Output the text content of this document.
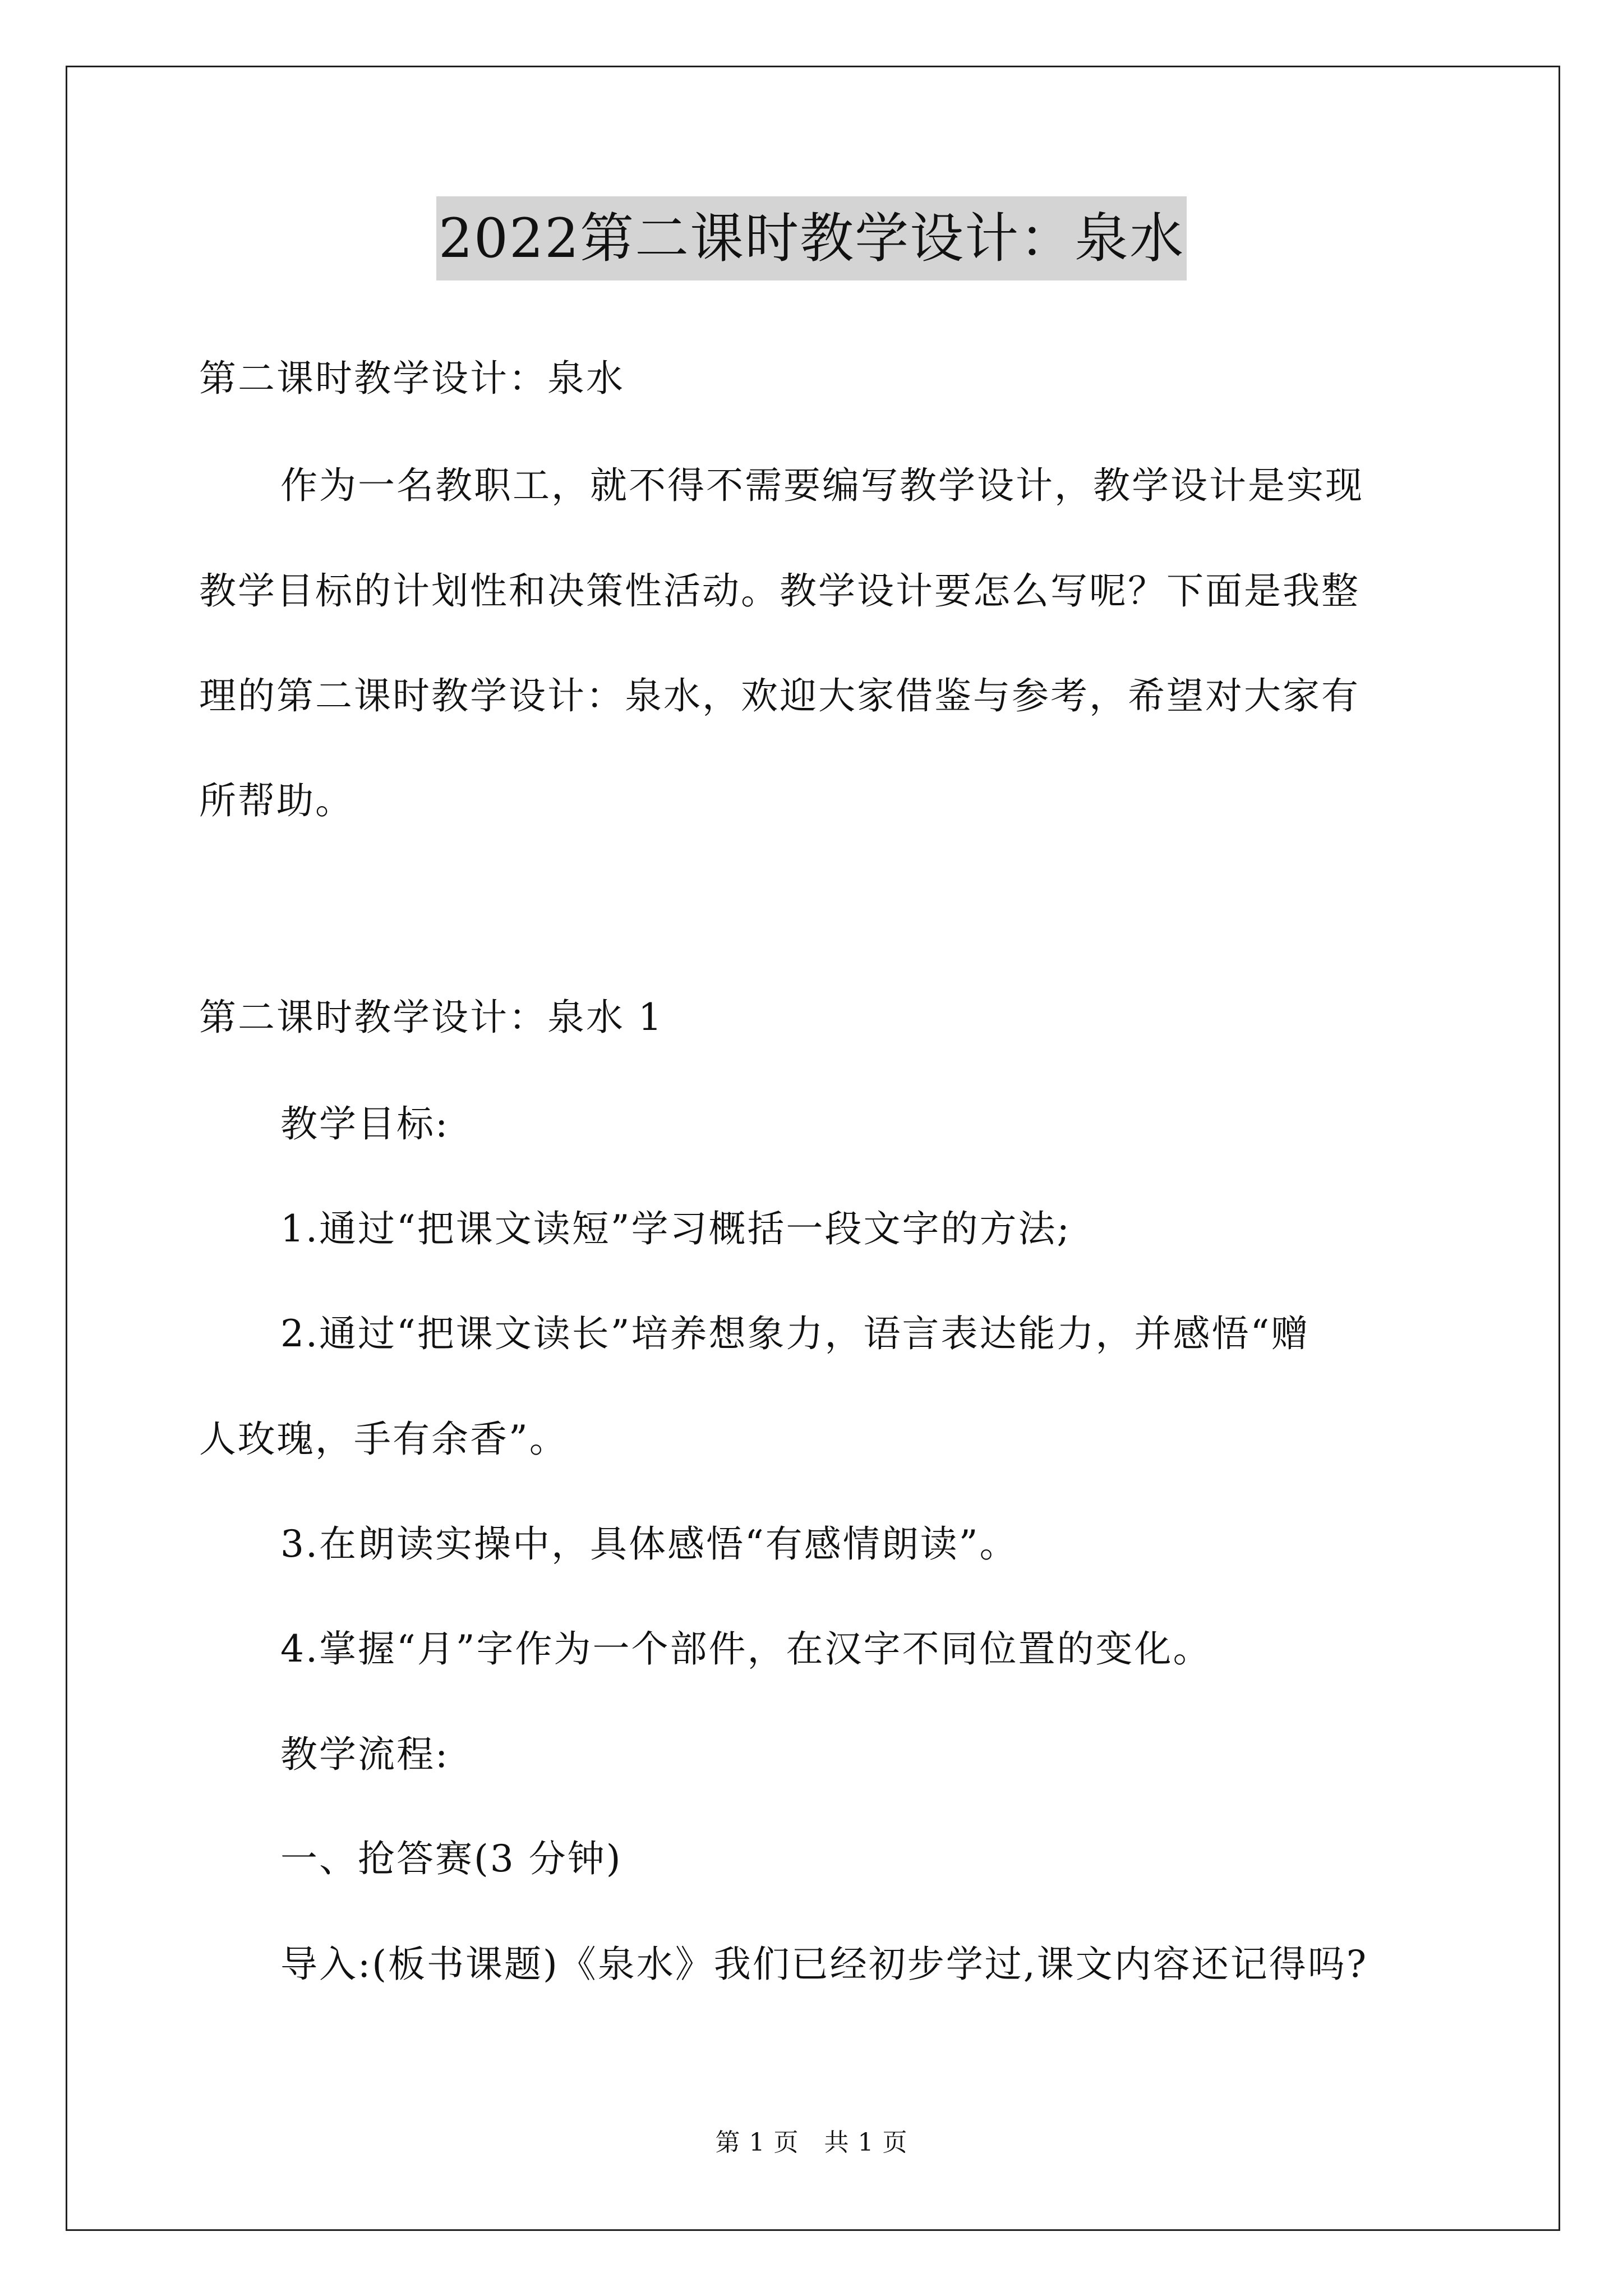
2022第二课时教学设计：泉水
第二课时教学设计：泉水
作为一名教职工，就不得不需要编写教学设计，教学设计是实现
教学目标的计划性和决策性活动。教学设计要怎么写呢？下面是我整
理的第二课时教学设计：泉水，欢迎大家借鉴与参考，希望对大家有
所帮助。
第二课时教学设计：泉水 1
教学目标:
1.通过“把课文读短”学习概括一段文字的方法;
2.通过“把课文读长”培养想象力，语言表达能力，并感悟“赠
人玫瑰，手有余香”。
3.在朗读实操中，具体感悟“有感情朗读”。
4.掌握“月”字作为一个部件，在汉字不同位置的变化。
教学流程:
一、抢答赛(3 分钟)
导入:(板书课题)《泉水》我们已经初步学过,课文内容还记得吗?
第 1 页　共 1 页
